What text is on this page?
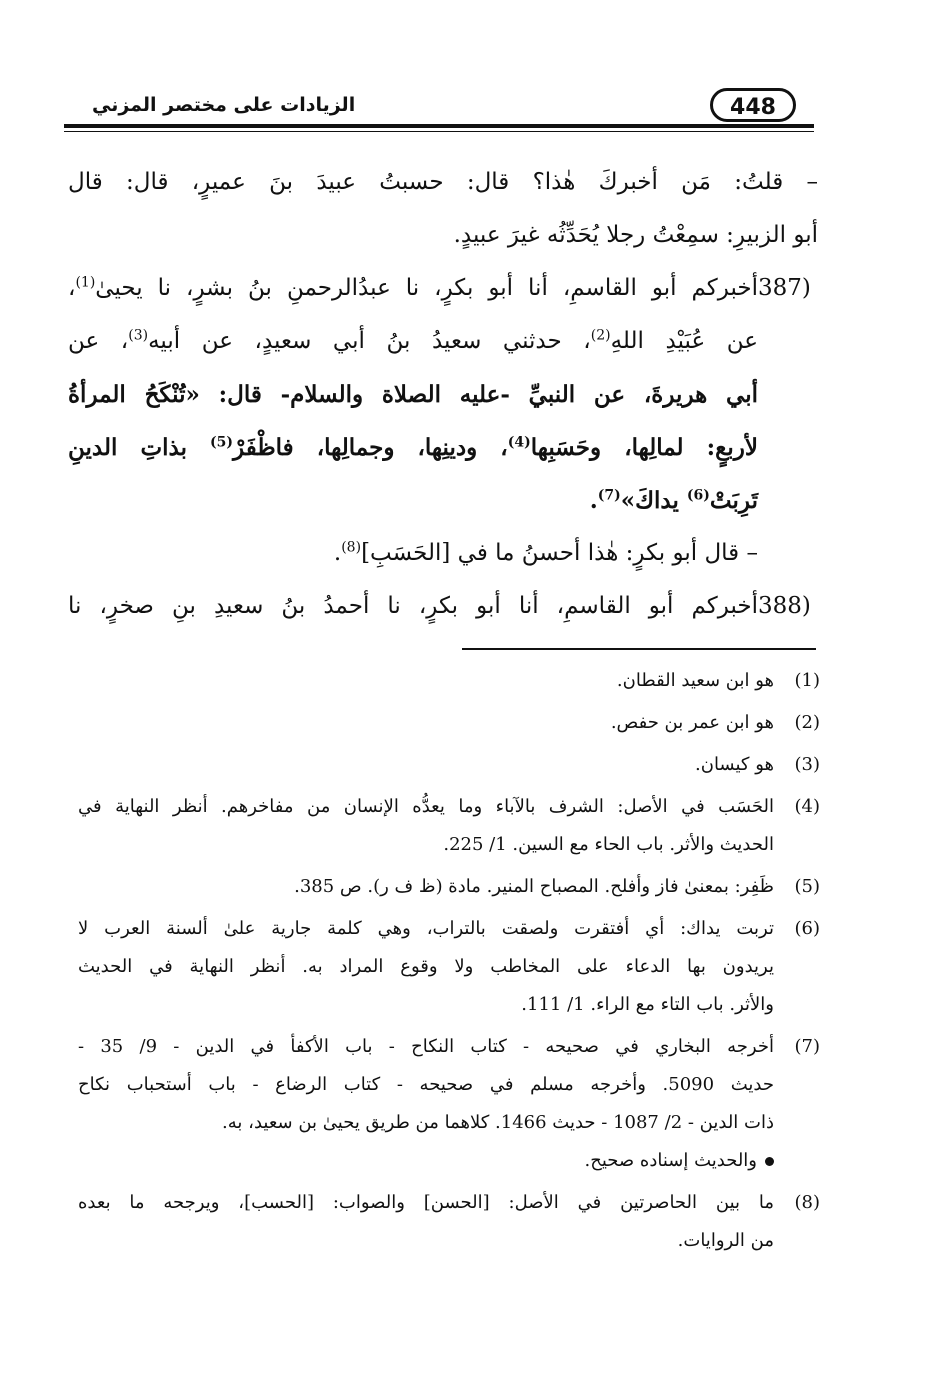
الزيادات على مختصر المزني	448
– قلتُ: مَن أخبركَ هٰذا؟ قال: حسبتُ عبيدَ بنَ عميرٍ، قال: قال
أبو الزبيرِ: سمِعْتُ رجلا يُحَدِّثُه غيرَ عبيدٍ.
387)أخبركم أبو القاسمِ، أنا أبو بكرٍ، نا عبدُالرحمنِ بنُ بشرٍ، نا يحيىٰ$^{(1)}$،
عن عُبَيْدِ اللهِ$^{(2)}$، حدثني سعيدُ بنُ أبي سعيدٍ، عن أبيه$^{(3)}$، عن
أبي هريرةَ، عن النبيِّ -عليه الصلاة والسلام- قال: «تُنْكَحُ المرأةُ
لأربعٍ: لمالِها، وحَسَبِها$^{(4)}$، ودينِها، وجمالِها، فاظْفَرْ$^{(5)}$ بذاتِ الدينِ
تَرِبَتْ$^{(6)}$ يداكَ»$^{(7)}$.
– قال أبو بكرٍ: هٰذا أحسنُ ما في [الحَسَبِ]$^{(8)}$.
388)أخبركم أبو القاسمِ، أنا أبو بكرٍ، نا أحمدُ بنُ سعيدِ بنِ صخرٍ، نا
(1)
هو ابن سعيد القطان.
(2)
هو ابن عمر بن حفص.
(3)
هو كيسان.
(4)
الحَسَب في الأصل: الشرف بالآباء وما يعدُّه الإنسان من مفاخرهم. أنظر النهاية في
الحديث والأثر. باب الحاء مع السين. 1/ 225.
(5)
ظَفِر: بمعنىٰ فاز وأفلح. المصباح المنير. مادة (ظ ف ر). ص 385.
(6)
تربت يداك: أي أفتقرت ولصقت بالتراب، وهي كلمة جارية علىٰ ألسنة العرب لا
يريدون بها الدعاء على المخاطب ولا وقوع المراد به. أنظر النهاية في الحديث
والأثر. باب التاء مع الراء. 1/ 111.
(7)
أخرجه البخاري في صحيحه - كتاب النكاح - باب الأكفأ في الدين - 9/ 35 -
حديث 5090. وأخرجه مسلم في صحيحه - كتاب الرضاع - باب أستحباب نكاح
ذات الدين - 2/ 1087 - حديث 1466. كلاهما من طريق يحيىٰ بن سعيد، به.
والحديث إسناده صحيح.
(8)
ما بين الحاصرتين في الأصل: [الحسن] والصواب: [الحسب]، ويرجحه ما بعده
من الروايات.
